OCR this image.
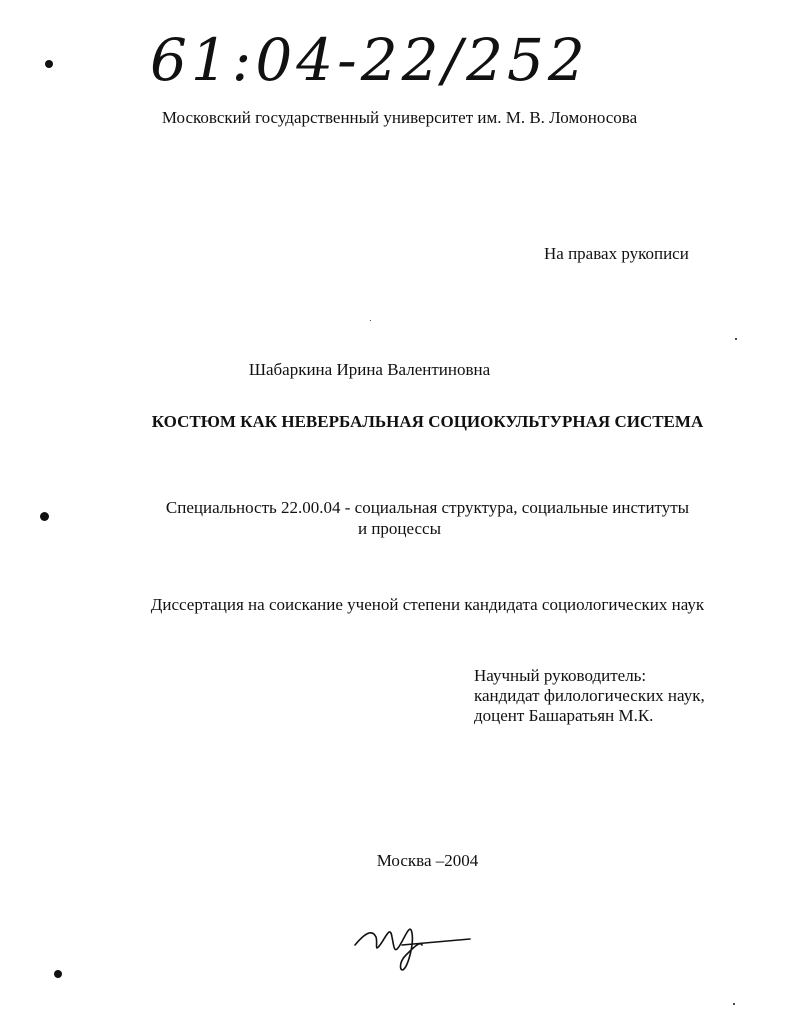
61:04-22/252
Московский государственный университет им. М. В. Ломоносова
На правах рукописи
Шабаркина Ирина Валентиновна
КОСТЮМ КАК НЕВЕРБАЛЬНАЯ СОЦИОКУЛЬТУРНАЯ СИСТЕМА
Специальность 22.00.04 - социальная структура, социальные институты
и процессы
Диссертация на соискание ученой степени кандидата социологических наук
Научный руководитель:
кандидат филологических наук,
доцент Башаратьян М.К.
Москва –2004
